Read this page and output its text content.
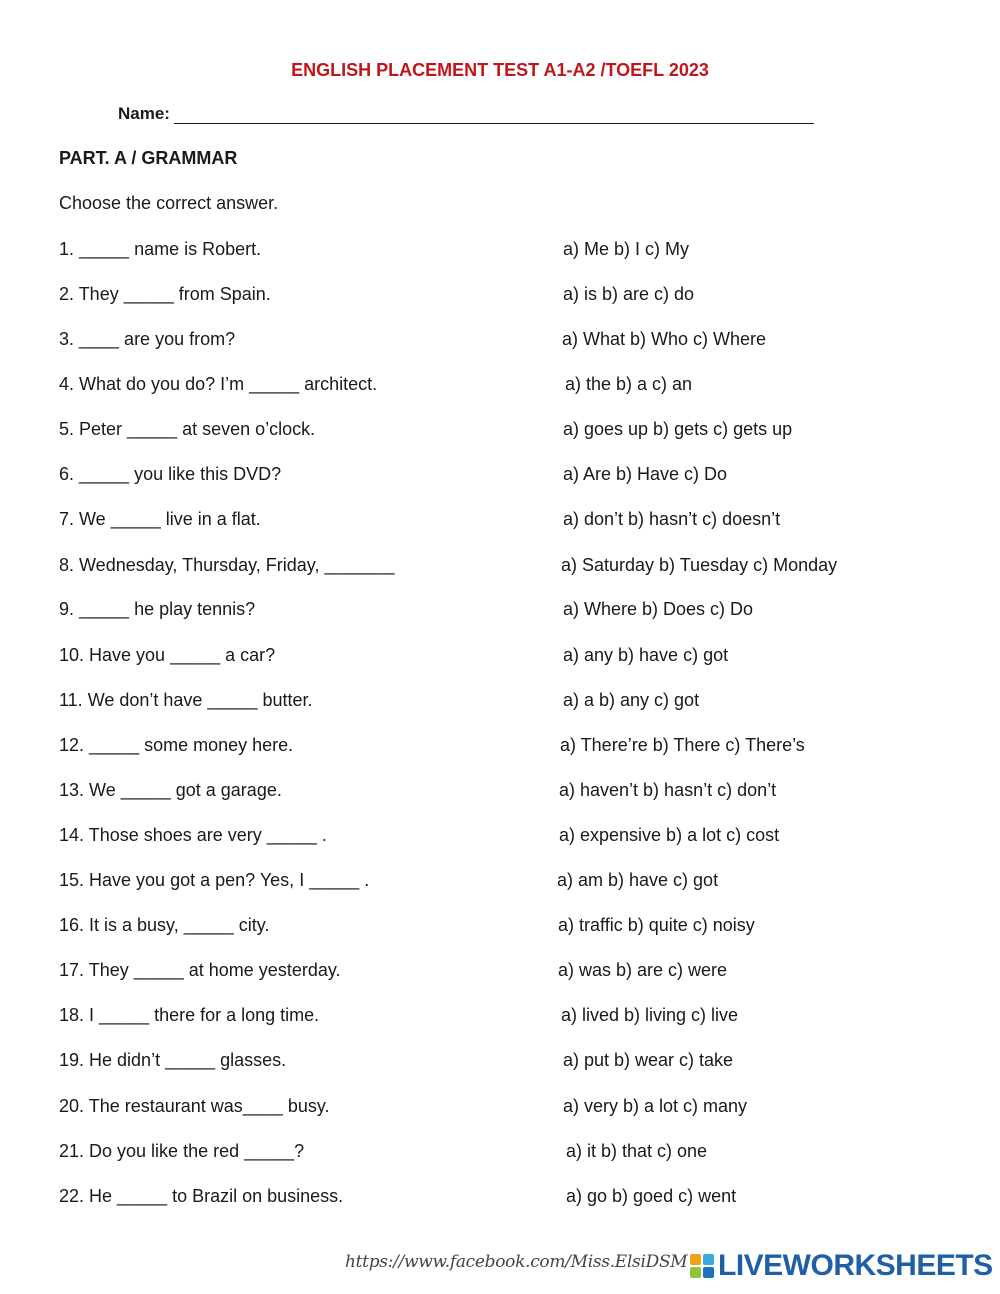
ENGLISH PLACEMENT TEST A1-A2 /TOEFL 2023
Name:
PART. A / GRAMMAR
Choose the correct answer.
1. _____ name is Robert.	a) Me b) I c) My
2. They _____ from Spain.	a) is b) are c) do
3. ____ are you from?	a) What b) Who c) Where
4. What do you do? I’m _____ architect.	a) the b) a c) an
5. Peter _____ at seven o’clock.	a) goes up b) gets c) gets up
6. _____ you like this DVD?	a) Are b) Have c) Do
7. We _____ live in a flat.	a) don’t b) hasn’t c) doesn’t
8. Wednesday, Thursday, Friday, _______	a) Saturday b) Tuesday c) Monday
9. _____ he play tennis?	a) Where b) Does c) Do
10. Have you _____ a car?	a) any b) have c) got
11. We don’t have _____ butter.	a) a b) any c) got
12. _____ some money here.	a) There’re b) There c) There’s
13. We _____ got a garage.	a) haven’t b) hasn’t c) don’t
14. Those shoes are very _____ .	a) expensive b) a lot c) cost
15. Have you got a pen? Yes, I _____ .	a) am b) have c) got
16. It is a busy, _____ city.	a) traffic b) quite c) noisy
17. They _____ at home yesterday.	a) was b) are c) were
18. I _____ there for a long time.	a) lived b) living c) live
19. He didn’t _____ glasses.	a) put b) wear c) take
20. The restaurant was____ busy.	a) very b) a lot c) many
21. Do you like the red _____?	a) it b) that c) one
22. He _____ to Brazil on business.	a) go b) goed c) went
https://www.facebook.com/Miss.ElsiDSM LIVEWORKSHEETS
